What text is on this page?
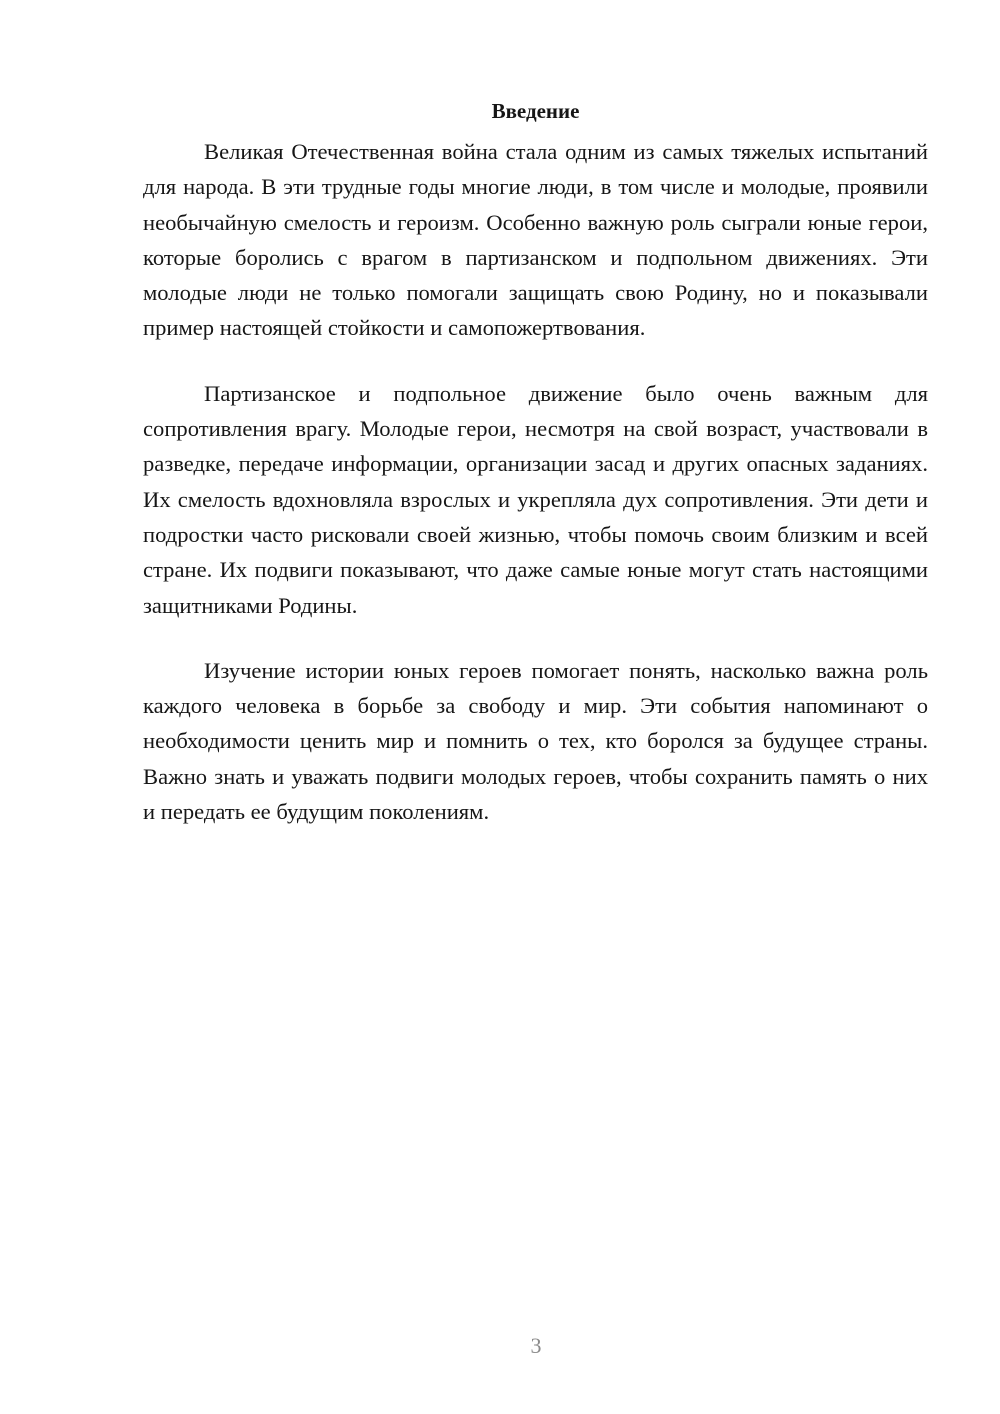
Введение

Великая Отечественная война стала одним из самых тяжелых испытаний для народа. В эти трудные годы многие люди, в том числе и молодые, проявили необычайную смелость и героизм. Особенно важную роль сыграли юные герои, которые боролись с врагом в партизанском и подпольном движениях. Эти молодые люди не только помогали защищать свою Родину, но и показывали пример настоящей стойкости и самопожертвования.

Партизанское и подпольное движение было очень важным для сопротивления врагу. Молодые герои, несмотря на свой возраст, участвовали в разведке, передаче информации, организации засад и других опасных заданиях. Их смелость вдохновляла взрослых и укрепляла дух сопротивления. Эти дети и подростки часто рисковали своей жизнью, чтобы помочь своим близким и всей стране. Их подвиги показывают, что даже самые юные могут стать настоящими защитниками Родины.

Изучение истории юных героев помогает понять, насколько важна роль каждого человека в борьбе за свободу и мир. Эти события напоминают о необходимости ценить мир и помнить о тех, кто боролся за будущее страны. Важно знать и уважать подвиги молодых героев, чтобы сохранить память о них и передать ее будущим поколениям.

3
